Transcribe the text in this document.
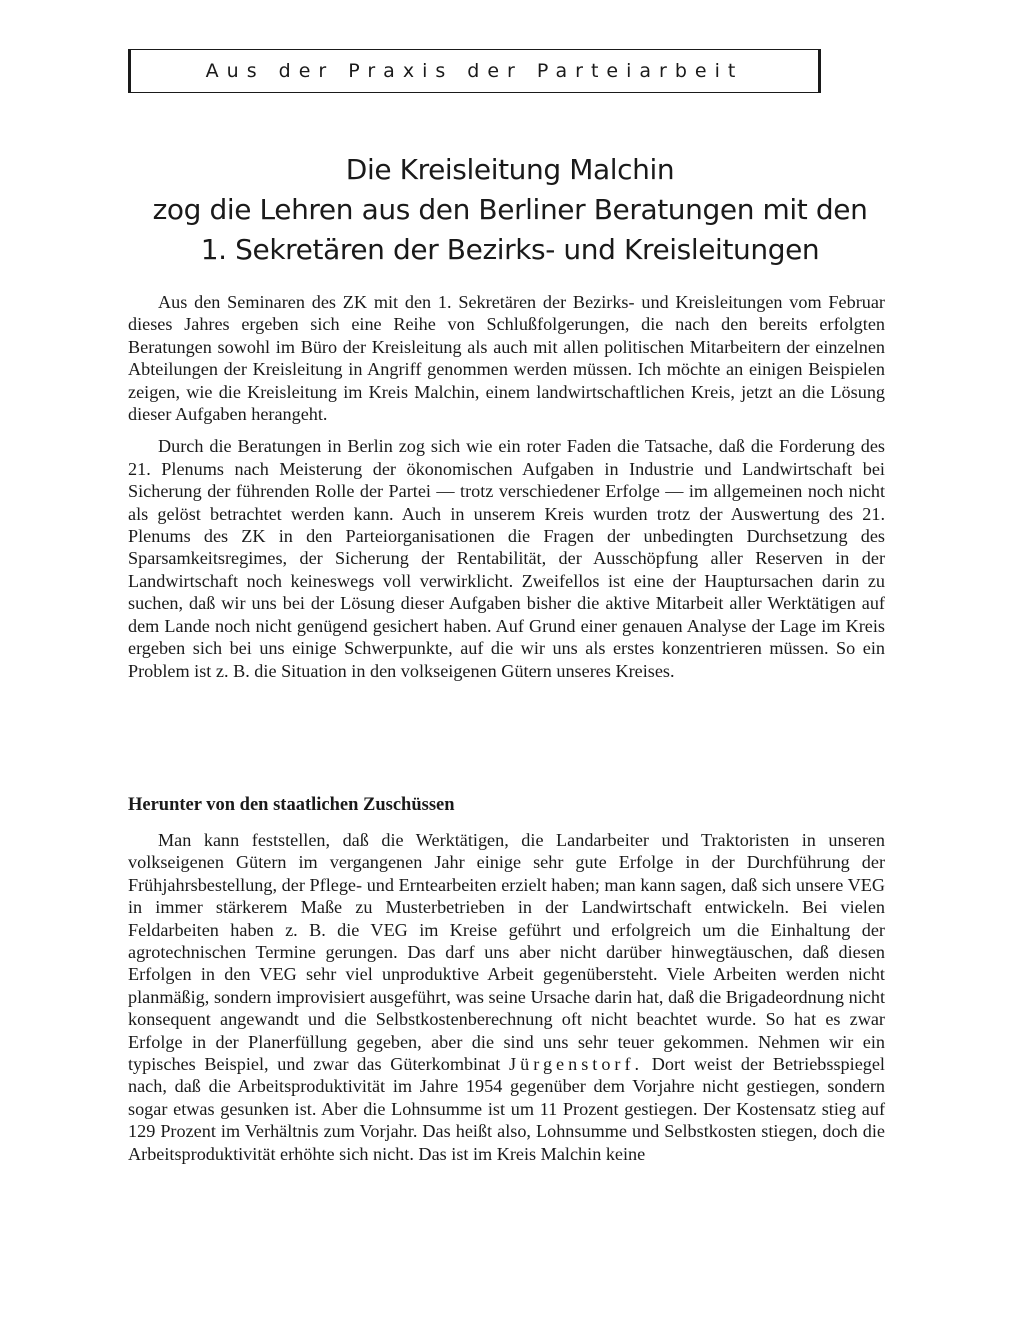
Aus der Praxis der Parteiarbeit
Die Kreisleitung Malchin
zog die Lehren aus den Berliner Beratungen mit den
1. Sekretären der Bezirks- und Kreisleitungen

Aus den Seminaren des ZK mit den 1. Sekretären der Bezirks- und Kreisleitungen vom Februar dieses Jahres ergeben sich eine Reihe von Schlußfolgerungen, die nach den bereits erfolgten Beratungen sowohl im Büro der Kreisleitung als auch mit allen politischen Mitarbeitern der einzelnen Abteilungen der Kreisleitung in Angriff genommen werden müssen. Ich möchte an einigen Beispielen zeigen, wie die Kreisleitung im Kreis Malchin, einem landwirtschaftlichen Kreis, jetzt an die Lösung dieser Aufgaben herangeht.

Durch die Beratungen in Berlin zog sich wie ein roter Faden die Tatsache, daß die Forderung des 21. Plenums nach Meisterung der ökonomischen Aufgaben in Industrie und Landwirtschaft bei Sicherung der führenden Rolle der Partei — trotz verschiedener Erfolge — im allgemeinen noch nicht als gelöst betrachtet werden kann. Auch in unserem Kreis wurden trotz der Auswertung des 21. Plenums des ZK in den Parteiorganisationen die Fragen der unbedingten Durchsetzung des Sparsamkeitsregimes, der Sicherung der Rentabilität, der Ausschöpfung aller Reserven in der Landwirtschaft noch keineswegs voll verwirklicht. Zweifellos ist eine der Hauptursachen darin zu suchen, daß wir uns bei der Lösung dieser Aufgaben bisher die aktive Mitarbeit aller Werktätigen auf dem Lande noch nicht genügend gesichert haben. Auf Grund einer genauen Analyse der Lage im Kreis ergeben sich bei uns einige Schwerpunkte, auf die wir uns als erstes konzentrieren müssen. So ein Problem ist z. B. die Situation in den volkseigenen Gütern unseres Kreises.

Herunter von den staatlichen Zuschüssen

Man kann feststellen, daß die Werktätigen, die Landarbeiter und Traktoristen in unseren volkseigenen Gütern im vergangenen Jahr einige sehr gute Erfolge in der Durchführung der Frühjahrsbestellung, der Pflege- und Erntearbeiten erzielt haben; man kann sagen, daß sich unsere VEG in immer stärkerem Maße zu Musterbetrieben in der Landwirtschaft entwickeln. Bei vielen Feldarbeiten haben z. B. die VEG im Kreise geführt und erfolgreich um die Einhaltung der agrotechnischen Termine gerungen. Das darf uns aber nicht darüber hinwegtäuschen, daß diesen Erfolgen in den VEG sehr viel unproduktive Arbeit gegenübersteht. Viele Arbeiten werden nicht planmäßig, sondern improvisiert ausgeführt, was seine Ursache darin hat, daß die Brigadeordnung nicht konsequent angewandt und die Selbstkostenberechnung oft nicht beachtet wurde. So hat es zwar Erfolge in der Planerfüllung gegeben, aber die sind uns sehr teuer gekommen. Nehmen wir ein typisches Beispiel, und zwar das Güterkombinat Jürgenstorf. Dort weist der Betriebsspiegel nach, daß die Arbeitsproduktivität im Jahre 1954 gegenüber dem Vorjahre nicht gestiegen, sondern sogar etwas gesunken ist. Aber die Lohnsumme ist um 11 Prozent gestiegen. Der Kostensatz stieg auf 129 Prozent im Verhältnis zum Vorjahr. Das heißt also, Lohnsumme und Selbstkosten stiegen, doch die Arbeitsproduktivität erhöhte sich nicht. Das ist im Kreis Malchin keine
